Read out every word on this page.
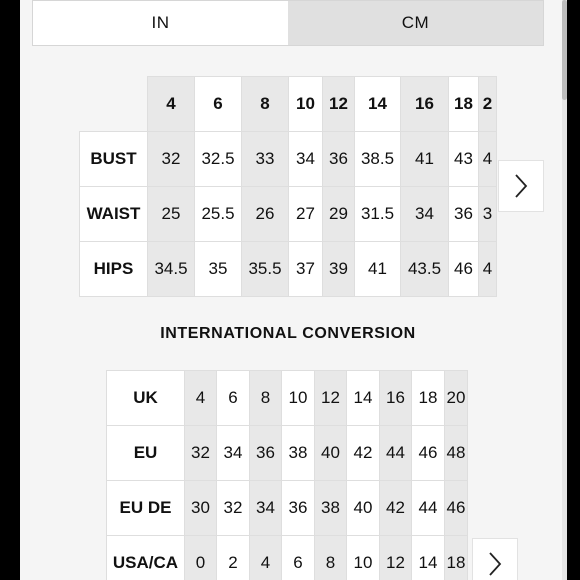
IN	CM
	4	6	8	10	12	14	16	18	2
BUST	32	32.5	33	34	36	38.5	41	43	4
WAIST	25	25.5	26	27	29	31.5	34	36	3
HIPS	34.5	35	35.5	37	39	41	43.5	46	4
INTERNATIONAL CONVERSION
UK	4	6	8	10	12	14	16	18	20
EU	32	34	36	38	40	42	44	46	48
EU DE	30	32	34	36	38	40	42	44	46
USA/CA	0	2	4	6	8	10	12	14	18
